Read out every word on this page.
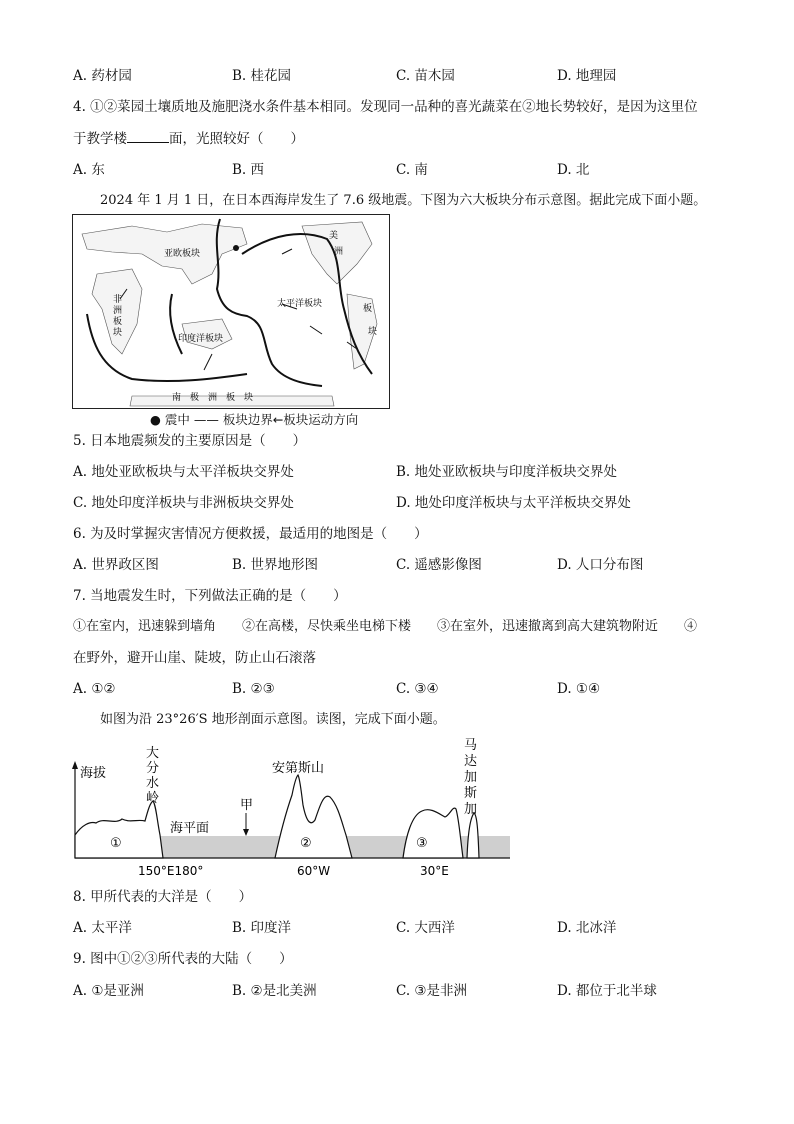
A. 药材园	B. 桂花园	C. 苗木园	D. 地理园
4. ①②菜园土壤质地及施肥浇水条件基本相同。发现同一品种的喜光蔬菜在②地长势较好，是因为这里位
于教学楼	面，光照较好（　　）
A. 东	B. 西	C. 南	D. 北
2024 年 1 月 1 日，在日本西海岸发生了 7.6 级地震。下图为六大板块分布示意图。据此完成下面小题。
亚欧板块
太平洋板块
印度洋板块
南　极　洲　板　块
非
洲
板
块
美
洲
板
块
● 震中 —— 板块边界←板块运动方向
5. 日本地震频发的主要原因是（　　）
A. 地处亚欧板块与太平洋板块交界处	B. 地处亚欧板块与印度洋板块交界处
C. 地处印度洋板块与非洲板块交界处	D. 地处印度洋板块与太平洋板块交界处
6. 为及时掌握灾害情况方便救援，最适用的地图是（　　）
A. 世界政区图	B. 世界地形图	C. 遥感影像图	D. 人口分布图
7. 当地震发生时，下列做法正确的是（　　）
①在室内，迅速躲到墙角　　②在高楼，尽快乘坐电梯下楼　　③在室外，迅速撤离到高大建筑物附近　　④
在野外，避开山崖、陡坡，防止山石滚落
A. ①②	B. ②③	C. ③④	D. ①④
如图为沿 23°26′S 地形剖面示意图。读图，完成下面小题。
海拔
大
分
水
岭
安第斯山
马
达
加
斯
加
海平面
甲
①	②	③
150°E180°	60°W	30°E
8. 甲所代表的大洋是（　　）
A. 太平洋	B. 印度洋	C. 大西洋	D. 北冰洋
9. 图中①②③所代表的大陆（　　）
A. ①是亚洲	B. ②是北美洲	C. ③是非洲	D. 都位于北半球
